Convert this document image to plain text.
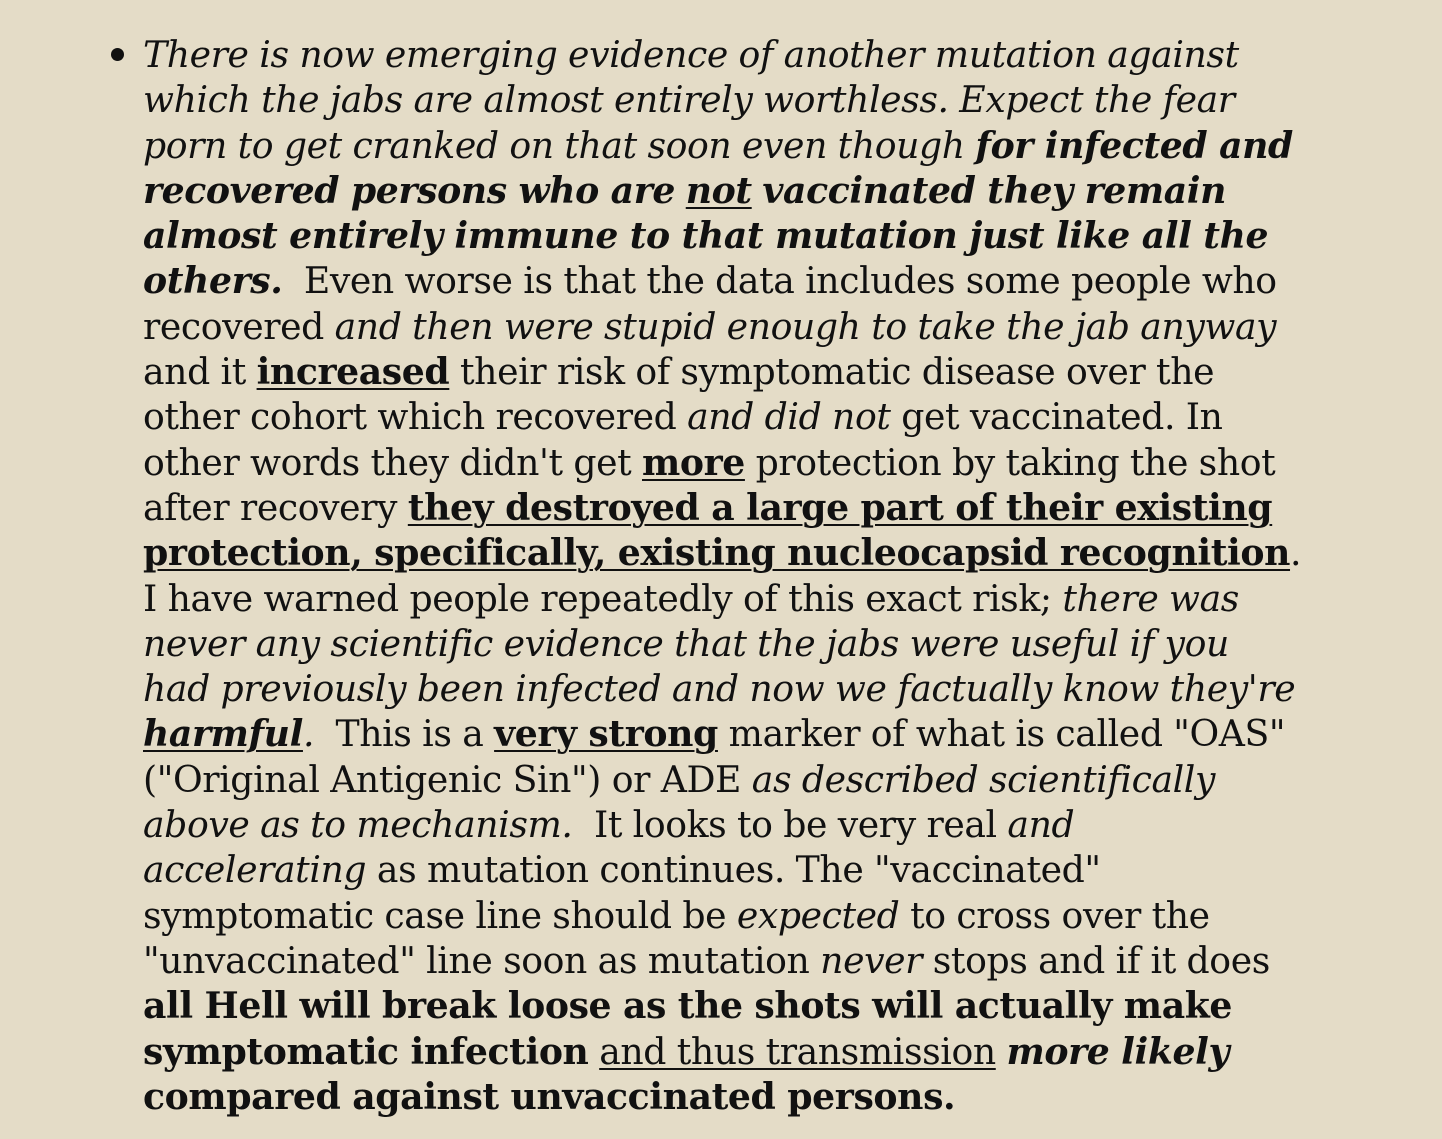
There is now emerging evidence of another mutation against which the jabs are almost entirely worthless. Expect the fear porn to get cranked on that soon even though for infected and recovered persons who are not vaccinated they remain almost entirely immune to that mutation just like all the others. Even worse is that the data includes some people who recovered and then were stupid enough to take the jab anyway and it increased their risk of symptomatic disease over the other cohort which recovered and did not get vaccinated. In other words they didn't get more protection by taking the shot after recovery they destroyed a large part of their existing protection, specifically, existing nucleocapsid recognition. I have warned people repeatedly of this exact risk; there was never any scientific evidence that the jabs were useful if you had previously been infected and now we factually know they're harmful. This is a very strong marker of what is called "OAS" ("Original Antigenic Sin") or ADE as described scientifically above as to mechanism. It looks to be very real and accelerating as mutation continues. The "vaccinated" symptomatic case line should be expected to cross over the "unvaccinated" line soon as mutation never stops and if it does all Hell will break loose as the shots will actually make symptomatic infection and thus transmission more likely compared against unvaccinated persons.
